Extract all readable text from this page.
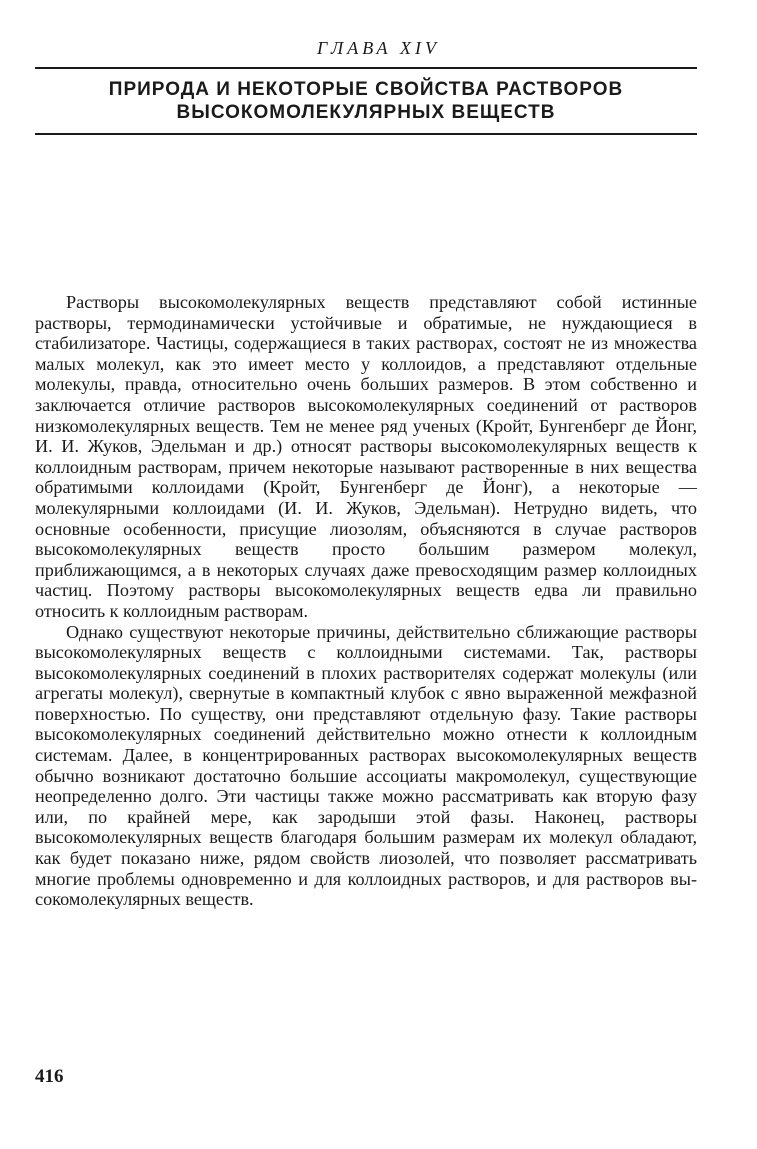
ГЛАВА XIV
ПРИРОДА И НЕКОТОРЫЕ СВОЙСТВА РАСТВОРОВ
ВЫСОКОМОЛЕКУЛЯРНЫХ ВЕЩЕСТВ

Растворы высокомолекулярных веществ представляют собой истинные растворы, термодинамически устойчивые и обратимые, не нуждающиеся в стабилизаторе. Частицы, содержащиеся в таких растворах, состоят не из множества малых молекул, как это имеет место у коллоидов, а представляют отдельные молекулы, правда, относительно очень больших размеров. В этом собственно и заключается отличие растворов высокомолекулярных соединений от растворов низкомолекулярных веществ. Тем не менее ряд ученых (Кройт, Бунгенберг де Йонг, И. И. Жуков, Эдельман и др.) относят растворы высокомолекулярных веществ к коллоидным растворам, причем некоторые называют растворенные в них вещества обратимыми коллоидами (Кройт, Бунгенберг де Йонг), а некоторые — молекулярными коллоидами (И. И. Жуков, Эдельман). Нетрудно видеть, что основные особенности, присущие лиозолям, объясняются в случае растворов высокомолекулярных веществ просто большим размером молекул, приближающимся, а в некоторых случаях даже превосходящим размер коллоидных частиц. Поэтому растворы высокомолекулярных веществ едва ли правильно относить к коллоидным растворам.

Однако существуют некоторые причины, действительно сближающие растворы высокомолекулярных веществ с коллоидными системами. Так, растворы высокомолекулярных соединений в плохих растворителях содержат молекулы (или агрегаты молекул), свернутые в компактный клубок с явно выраженной межфазной поверхностью. По существу, они представляют отдельную фазу. Такие растворы высокомолекулярных соединений действительно можно отнести к коллоидным системам. Далее, в концентрированных растворах высокомолекулярных веществ обычно возникают достаточно большие ассоциаты макромолекул, существующие неопределенно долго. Эти частицы также можно рассматривать как вторую фазу или, по крайней мере, как зародыши этой фазы. Наконец, растворы высокомолекулярных веществ благодаря большим размерам их молекул обладают, как будет показано ниже, рядом свойств лиозолей, что позволяет рассматривать многие проблемы одновременно и для коллоидных растворов, и для растворов высокомолекулярных веществ.

416
